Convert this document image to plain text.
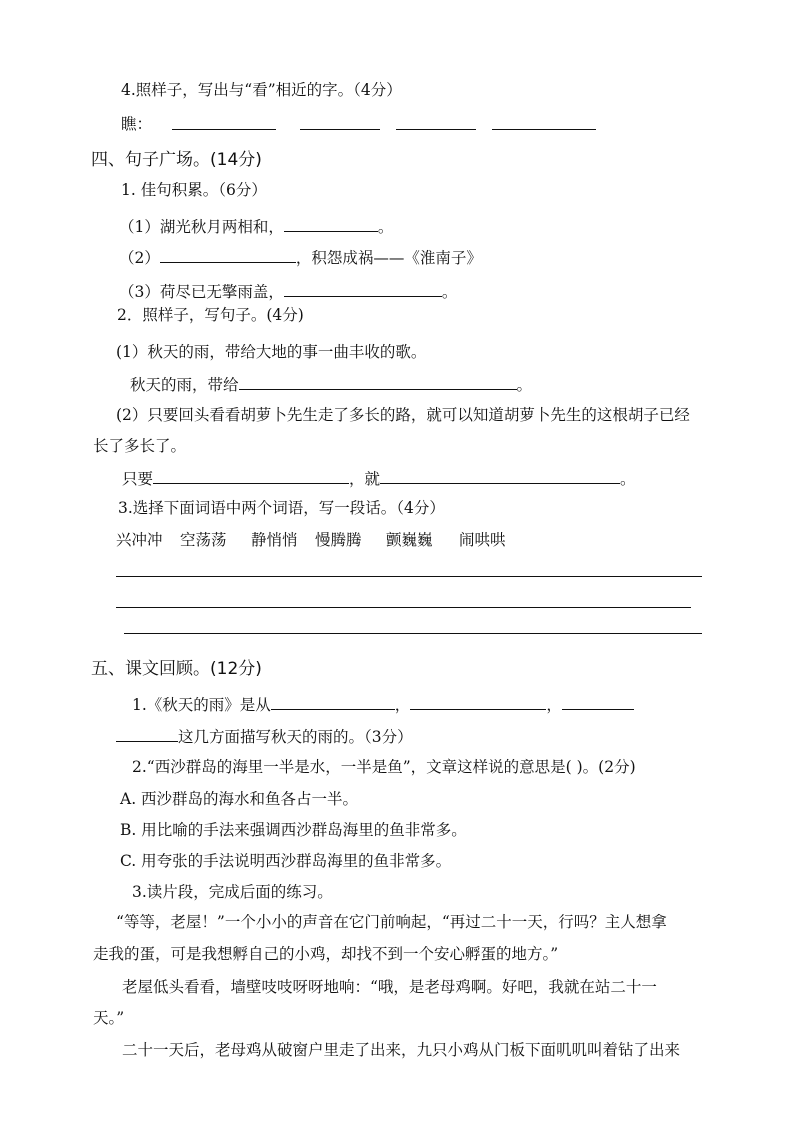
4.照样子，写出与“看”相近的字。（4分）
瞧：
四、句子广场。(14分)
1. 佳句积累。（6分）
（1）湖光秋月两相和，	。
（2）	，积怨成祸——《淮南子》
（3）荷尽已无擎雨盖，	。
2．照样子，写句子。(4分)
(1）秋天的雨，带给大地的事一曲丰收的歌。
秋天的雨，带给	。
(2）只要回头看看胡萝卜先生走了多长的路，就可以知道胡萝卜先生的这根胡子已经
长了多长了。
只要	，就	。
3.选择下面词语中两个词语，写一段话。（4分）
兴冲冲 空荡荡 静悄悄 慢腾腾 颤巍巍 闹哄哄
五、课文回顾。(12分)
1.《秋天的雨》是从	，	，
这几方面描写秋天的雨的。（3分）
2.“西沙群岛的海里一半是水，一半是鱼”，文章这样说的意思是( )。(2分)
A. 西沙群岛的海水和鱼各占一半。
B. 用比喻的手法来强调西沙群岛海里的鱼非常多。
C. 用夸张的手法说明西沙群岛海里的鱼非常多。
3.读片段，完成后面的练习。
“等等，老屋！”一个小小的声音在它门前响起，“再过二十一天，行吗？主人想拿
走我的蛋，可是我想孵自己的小鸡，却找不到一个安心孵蛋的地方。”
老屋低头看看，墙壁吱吱呀呀地响：“哦，是老母鸡啊。好吧，我就在站二十一
天。”
二十一天后，老母鸡从破窗户里走了出来，九只小鸡从门板下面叽叽叫着钻了出来
